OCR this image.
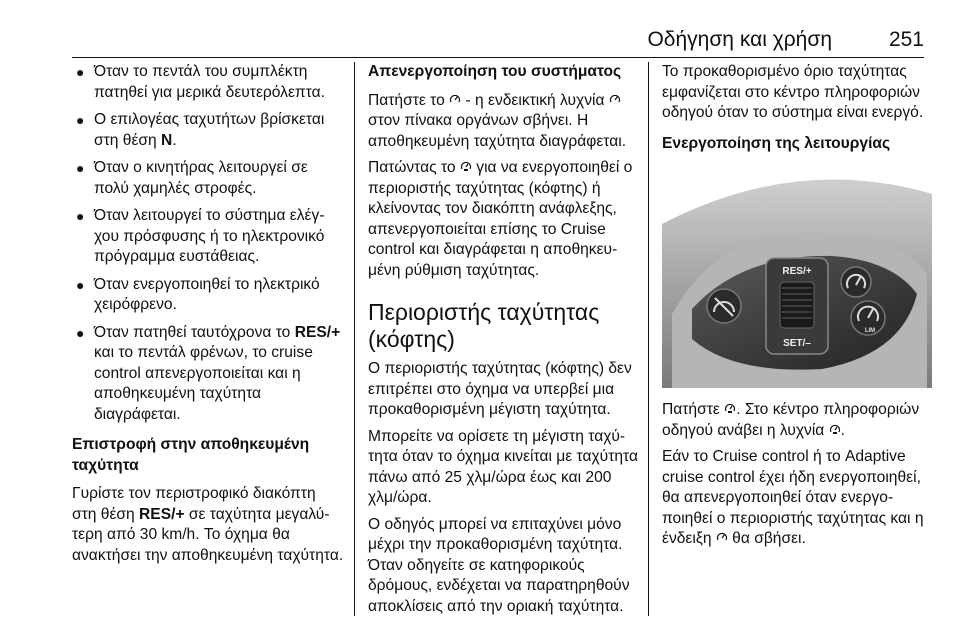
Οδήγηση και χρήση	251
● Όταν το πεντάλ του συμπλέκτη πατηθεί για μερικά δευτερόλεπτα.
● Ο επιλογέας ταχυτήτων βρίσκεται στη θέση N.
● Όταν ο κινητήρας λειτουργεί σε πολύ χαμηλές στροφές.
● Όταν λειτουργεί το σύστημα ελέγχου πρόσφυσης ή το ηλεκτρονικό πρόγραμμα ευστάθειας.
● Όταν ενεργοποιηθεί το ηλεκτρικό χειρόφρενο.
● Όταν πατηθεί ταυτόχρονα το RES/+ και το πεντάλ φρένων, το cruise control απενεργοποιείται και η αποθηκευμένη ταχύτητα διαγράφεται.
Επιστροφή στην αποθηκευμένη ταχύτητα

Γυρίστε τον περιστροφικό διακόπτη στη θέση RES/+ σε ταχύτητα μεγαλύτερη από 30 km/h. Το όχημα θα ανακτήσει την αποθηκευμένη ταχύτητα.

Απενεργοποίηση του συστήματος

Πατήστε το  - η ενδεικτική λυχνία  στον πίνακα οργάνων σβήνει. Η αποθηκευμένη ταχύτητα διαγράφεται.

Πατώντας το  για να ενεργοποιηθεί ο περιοριστής ταχύτητας (κόφτης) ή κλείνοντας τον διακόπτη ανάφλεξης, απενεργοποιείται επίσης το Cruise control και διαγράφεται η αποθηκευμένη ρύθμιση ταχύτητας.

Περιοριστής ταχύτητας (κόφτης)

Ο περιοριστής ταχύτητας (κόφτης) δεν επιτρέπει στο όχημα να υπερβεί μια προκαθορισμένη μέγιστη ταχύτητα.

Μπορείτε να ορίσετε τη μέγιστη ταχύτητα όταν το όχημα κινείται με ταχύτητα πάνω από 25 χλμ/ώρα έως και 200 χλμ/ώρα.

Ο οδηγός μπορεί να επιταχύνει μόνο μέχρι την προκαθορισμένη ταχύτητα. Όταν οδηγείτε σε κατηφορικούς δρόμους, ενδέχεται να παρατηρηθούν αποκλίσεις από την οριακή ταχύτητα.

Το προκαθορισμένο όριο ταχύτητας εμφανίζεται στο κέντρο πληροφοριών οδηγού όταν το σύστημα είναι ενεργό.

Ενεργοποίηση της λειτουργίας
RES/+
SET/–
LIM

Πατήστε . Στο κέντρο πληροφοριών οδηγού ανάβει η λυχνία .

Εάν το Cruise control ή το Adaptive cruise control έχει ήδη ενεργοποιηθεί, θα απενεργοποιηθεί όταν ενεργοποιηθεί ο περιοριστής ταχύτητας και η ένδειξη  θα σβήσει.
